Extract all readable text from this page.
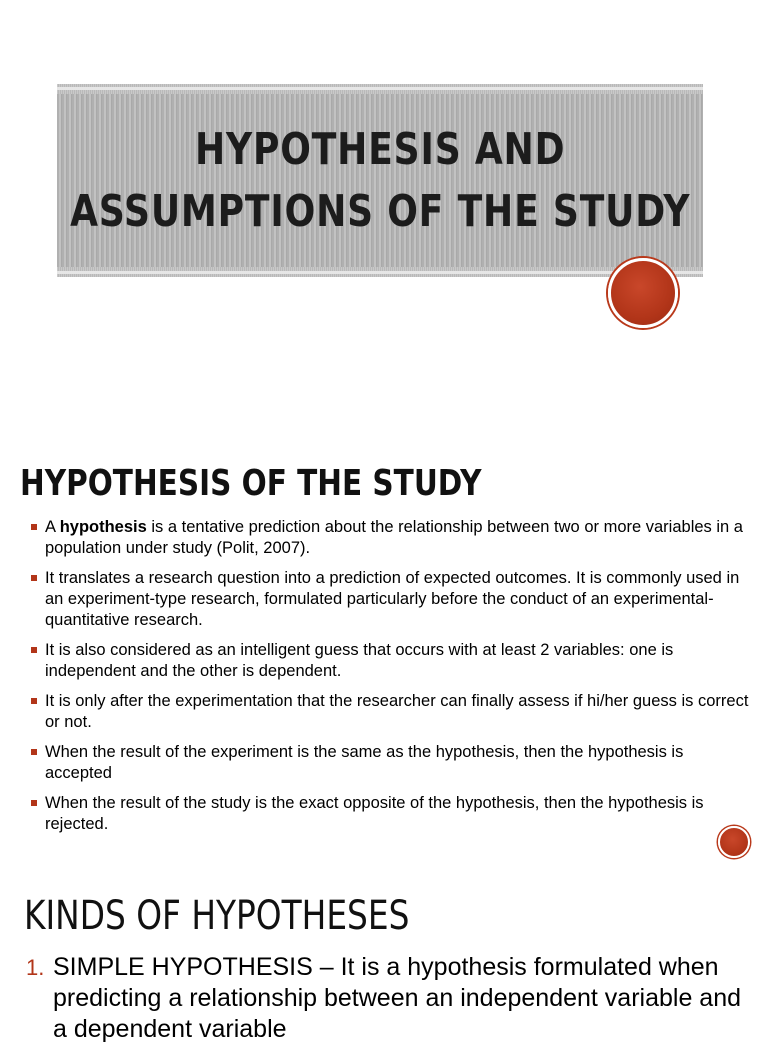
HYPOTHESIS AND
ASSUMPTIONS OF THE STUDY
HYPOTHESIS OF THE STUDY
A hypothesis is a tentative prediction about the relationship between two or more variables in a population under study (Polit, 2007).
It translates a research question into a prediction of expected outcomes. It is commonly used in an experiment-type research, formulated particularly before the conduct of an experimental-quantitative research.
It is also considered as an intelligent guess that occurs with at least 2 variables: one is independent and the other is dependent.
It is only after the experimentation that the researcher can finally assess if hi/her guess is correct or not.
When the result of the experiment is the same as the hypothesis, then the hypothesis is accepted
When the result of the study is the exact opposite of the hypothesis, then the hypothesis is rejected.
KINDS OF HYPOTHESES
1. SIMPLE HYPOTHESIS – It is a hypothesis formulated when predicting a relationship between an independent variable and a dependent variable
